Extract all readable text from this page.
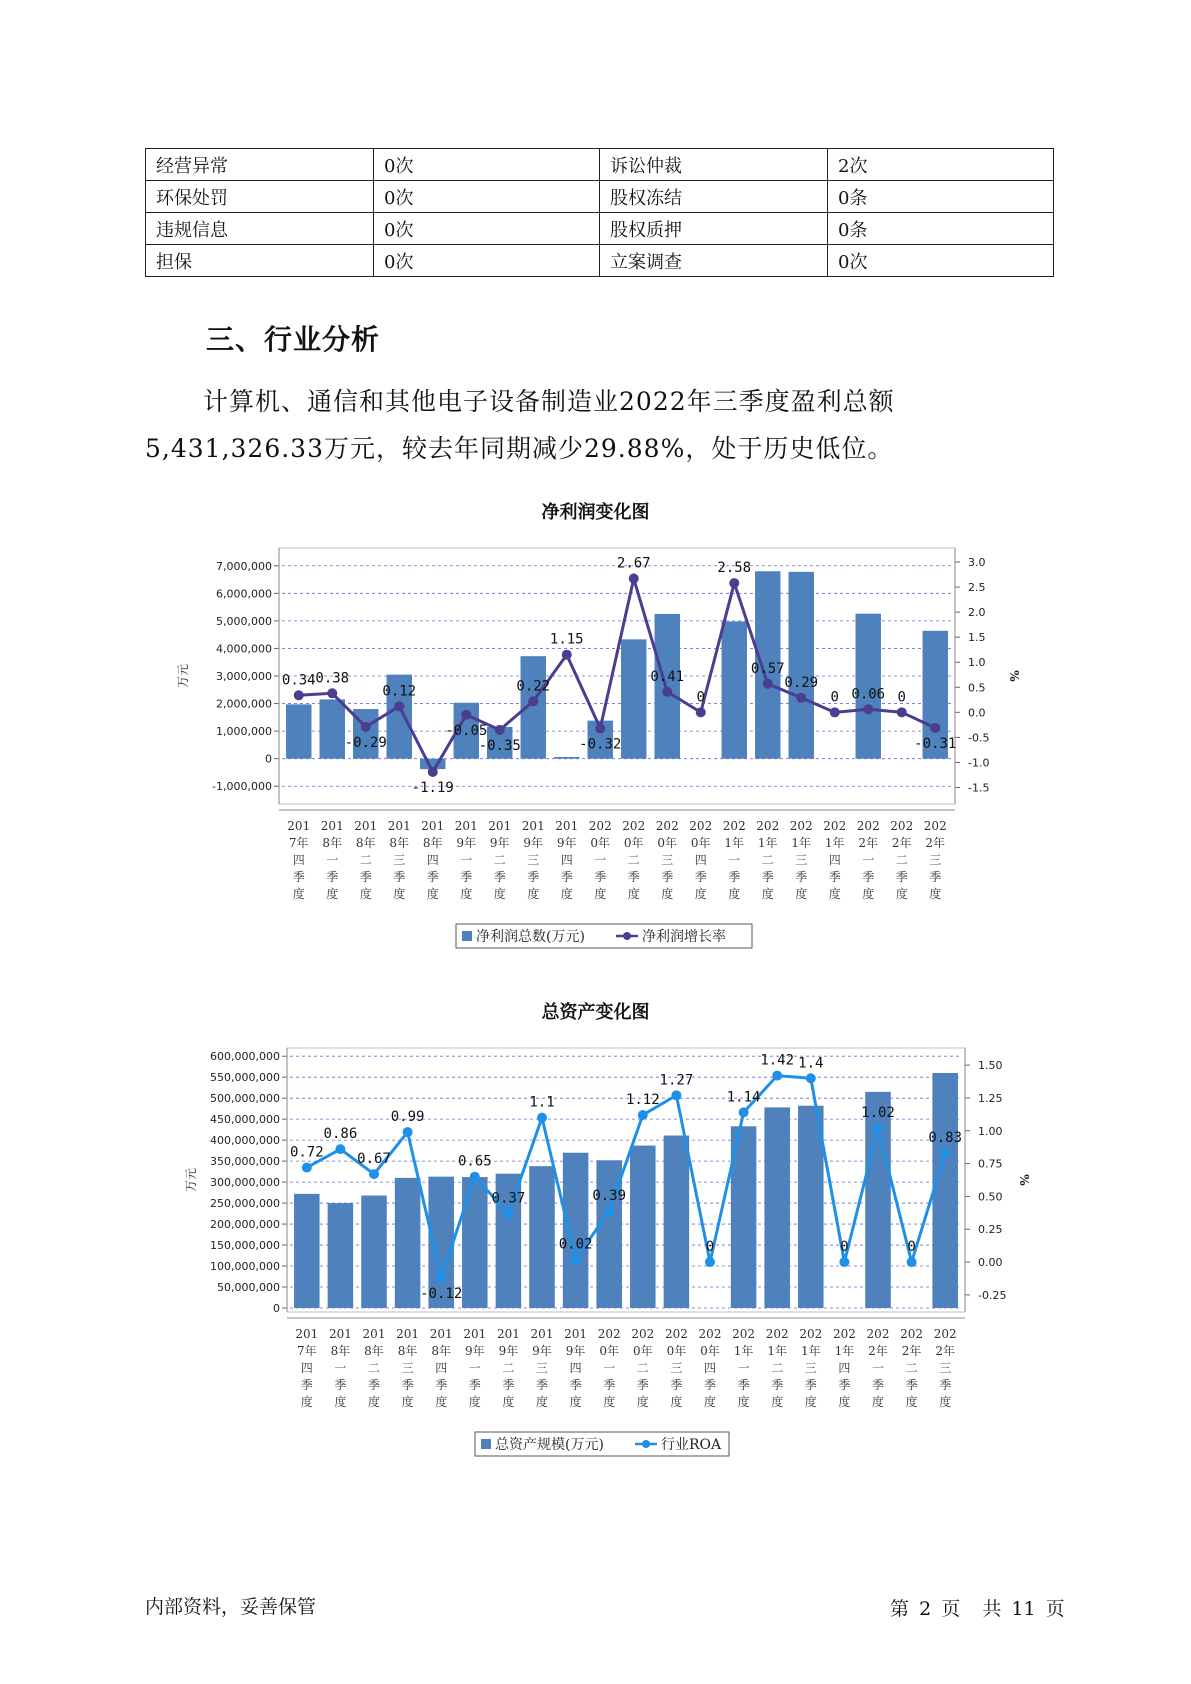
经营异常	0次	诉讼仲裁	2次
环保处罚	0次	股权冻结	0条
违规信息	0次	股权质押	0条
担保	0次	立案调查	0次
三、行业分析
计算机、通信和其他电子设备制造业2022年三季度盈利总额5,431,326.33万元，较去年同期减少29.88%，处于历史低位。
净利润变化图
-1,000,000
0
1,000,000
2,000,000
3,000,000
4,000,000
5,000,000
6,000,000
7,000,000
-1.5
-1.0
-0.5
0.0
0.5
1.0
1.5
2.0
2.5
3.0
万元	%
0.34 0.38
-0.29
0.12
-1.19
-0.05
-0.35
0.22
1.15
-0.32
2.67
0.41
0
2.58
0.57
0.29
0 0.06 0
-0.31
201 7年四季度
201 8年一季度
201 8年二季度
201 8年三季度
201 8年四季度
201 9年一季度
201 9年二季度
201 9年三季度
201 9年四季度
202 0年一季度
202 0年二季度
202 0年三季度
202 0年四季度
202 1年一季度
202 1年二季度
202 1年三季度
202 1年四季度
202 2年一季度
202 2年二季度
202 2年三季度
净利润总数(万元)	净利润增长率
总资产变化图
0
50,000,000
100,000,000
150,000,000
200,000,000
250,000,000
300,000,000
350,000,000
400,000,000
450,000,000
500,000,000
550,000,000
600,000,000
-0.25
0.00
0.25
0.50
0.75
1.00
1.25
1.50
万元	%
0.72
0.86
0.67
0.99
-0.12
0.65
0.37
1.1
0.02
0.39
1.12
1.27
0
1.14
1.42 1.4
0
1.02
0
0.83
201 7年四季度
201 8年一季度
201 8年二季度
201 8年三季度
201 8年四季度
201 9年一季度
201 9年二季度
201 9年三季度
201 9年四季度
202 0年一季度
202 0年二季度
202 0年三季度
202 0年四季度
202 1年一季度
202 1年二季度
202 1年三季度
202 1年四季度
202 2年一季度
202 2年二季度
202 2年三季度
总资产规模(万元)	行业ROA
内部资料，妥善保管	第 2 页 共 11 页
